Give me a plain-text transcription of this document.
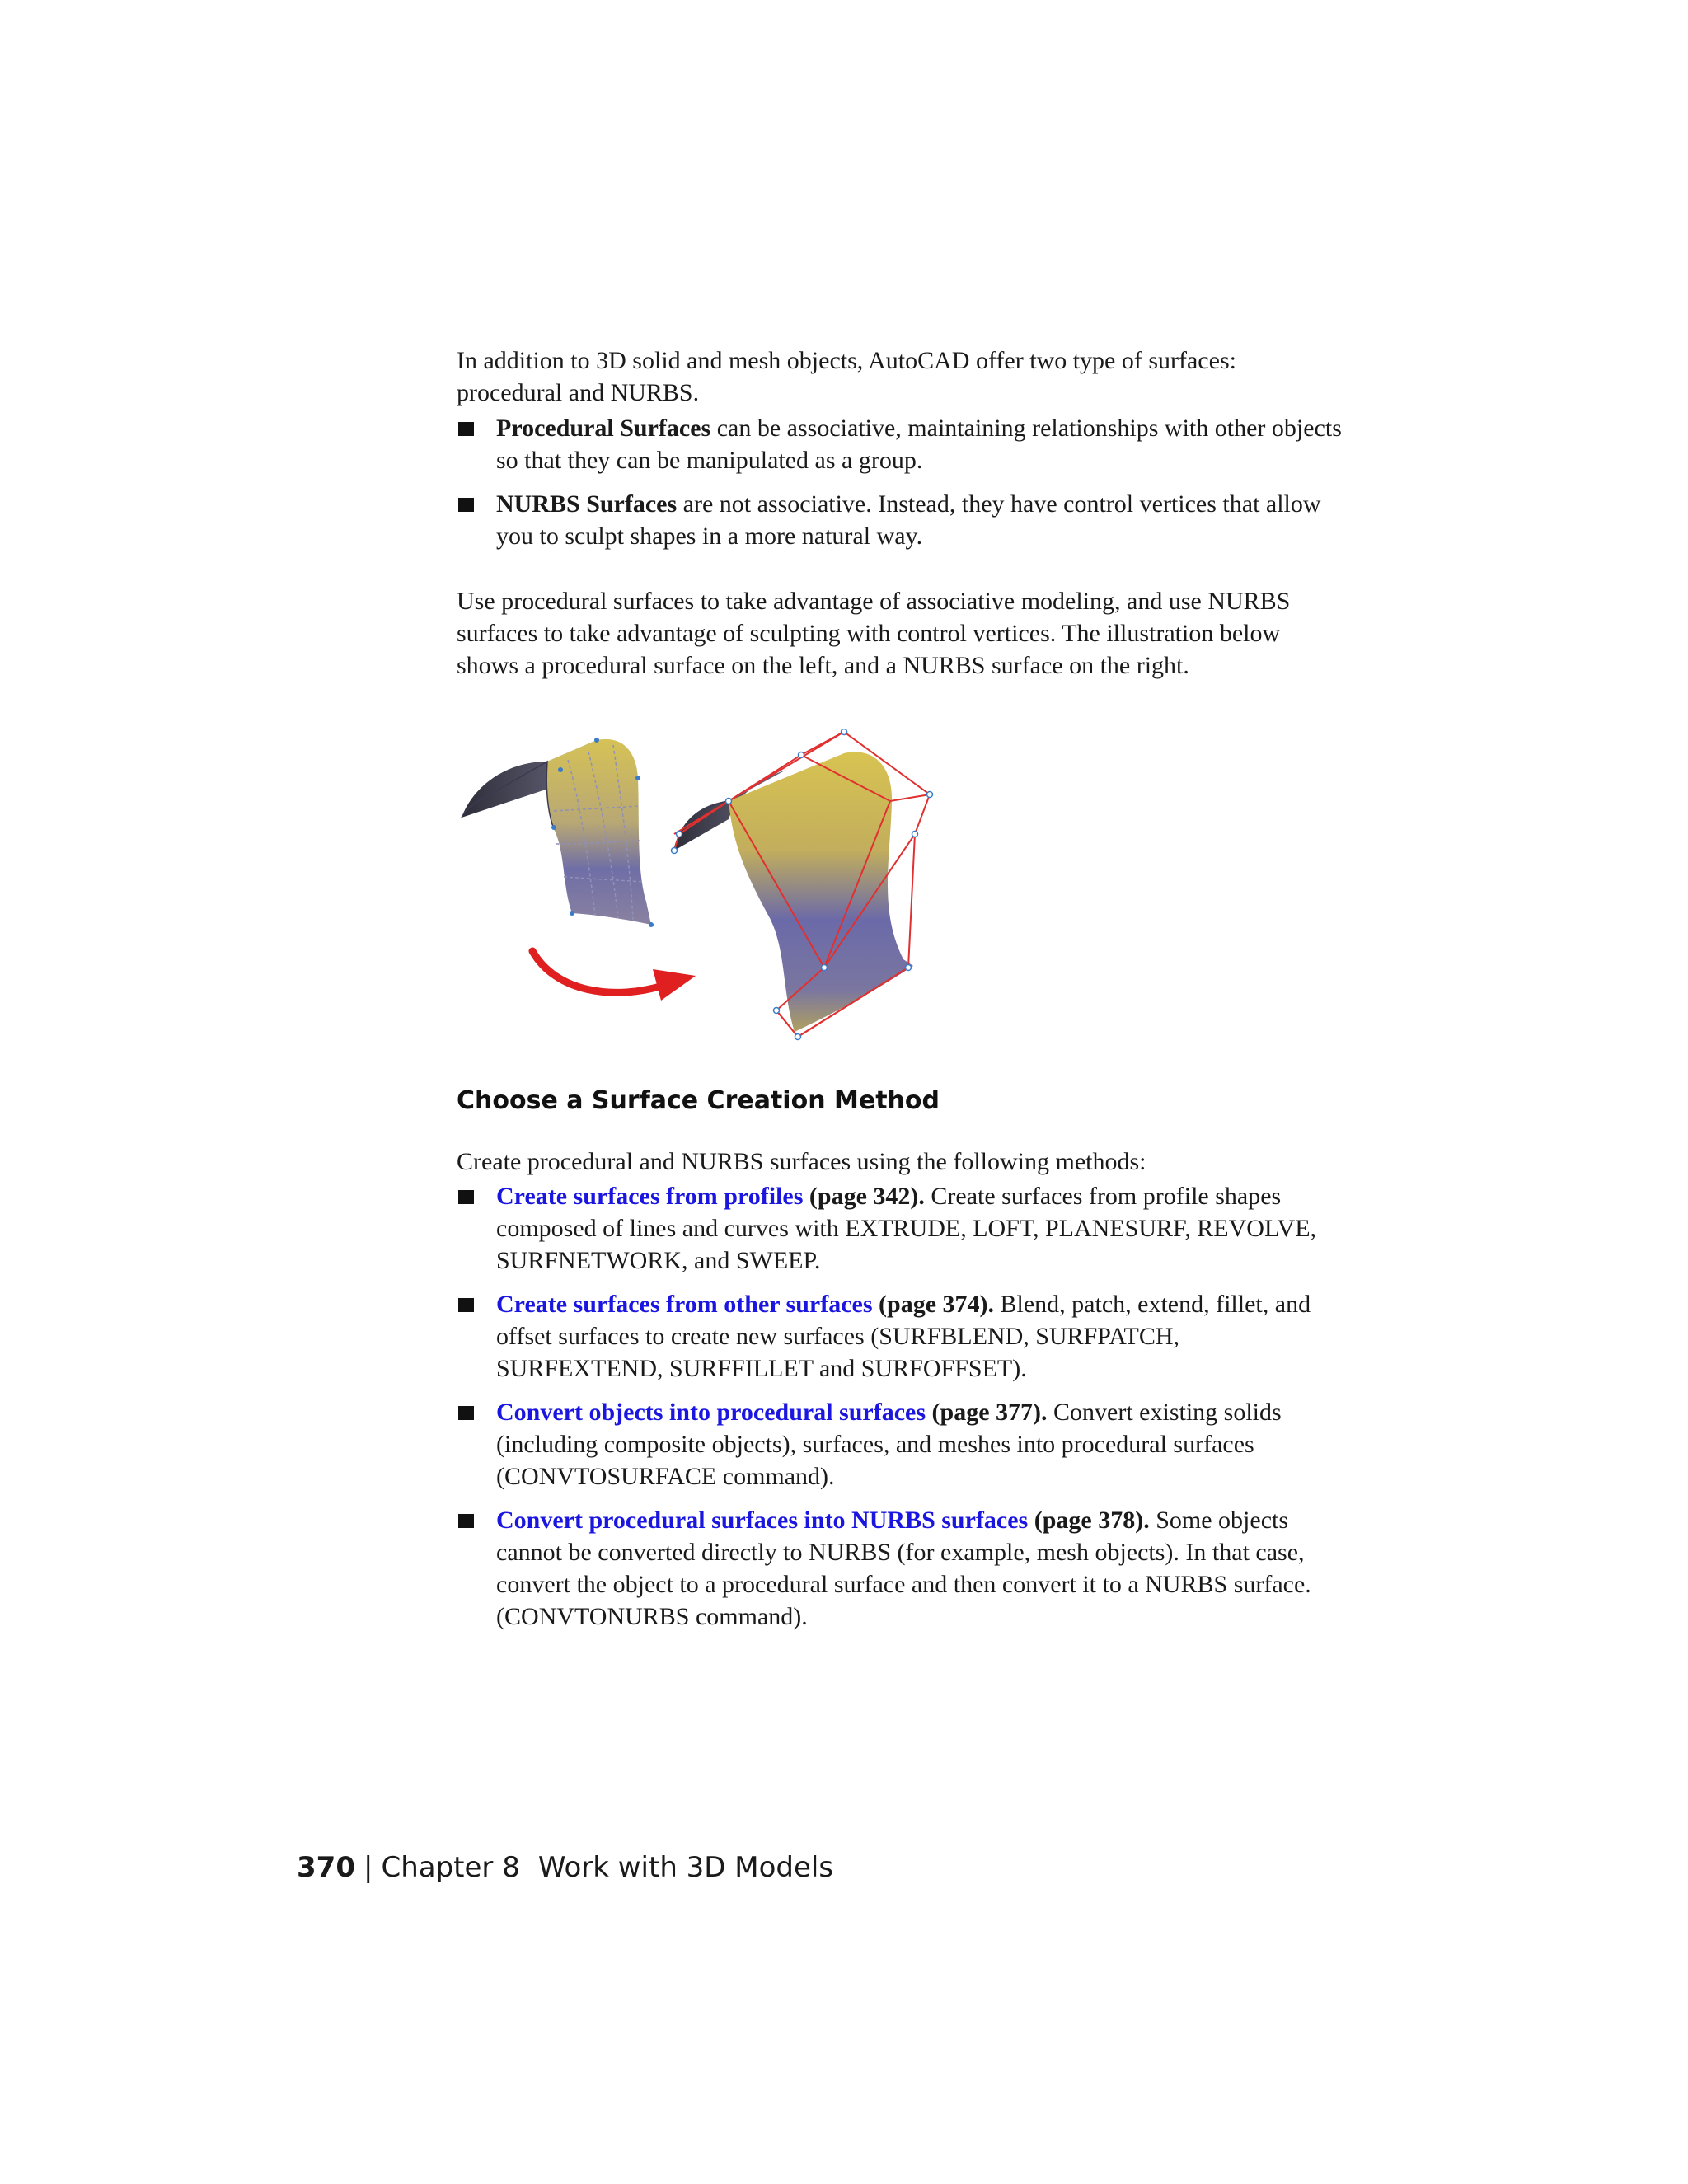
In addition to 3D solid and mesh objects, AutoCAD offer two type of surfaces: procedural and NURBS.

Procedural Surfaces can be associative, maintaining relationships with other objects so that they can be manipulated as a group.
NURBS Surfaces are not associative. Instead, they have control vertices that allow you to sculpt shapes in a more natural way.

Use procedural surfaces to take advantage of associative modeling, and use NURBS surfaces to take advantage of sculpting with control vertices. The illustration below shows a procedural surface on the left, and a NURBS surface on the right.

Choose a Surface Creation Method

Create procedural and NURBS surfaces using the following methods:

Create surfaces from profiles (page 342). Create surfaces from profile shapes composed of lines and curves with EXTRUDE, LOFT, PLANESURF, REVOLVE, SURFNETWORK, and SWEEP.
Create surfaces from other surfaces (page 374). Blend, patch, extend, fillet, and offset surfaces to create new surfaces (SURFBLEND, SURFPATCH, SURFEXTEND, SURFFILLET and SURFOFFSET).
Convert objects into procedural surfaces (page 377). Convert existing solids (including composite objects), surfaces, and meshes into procedural surfaces (CONVTOSURFACE command).
Convert procedural surfaces into NURBS surfaces (page 378). Some objects cannot be converted directly to NURBS (for example, mesh objects). In that case, convert the object to a procedural surface and then convert it to a NURBS surface. (CONVTONURBS command).
370 | Chapter 8 Work with 3D Models
